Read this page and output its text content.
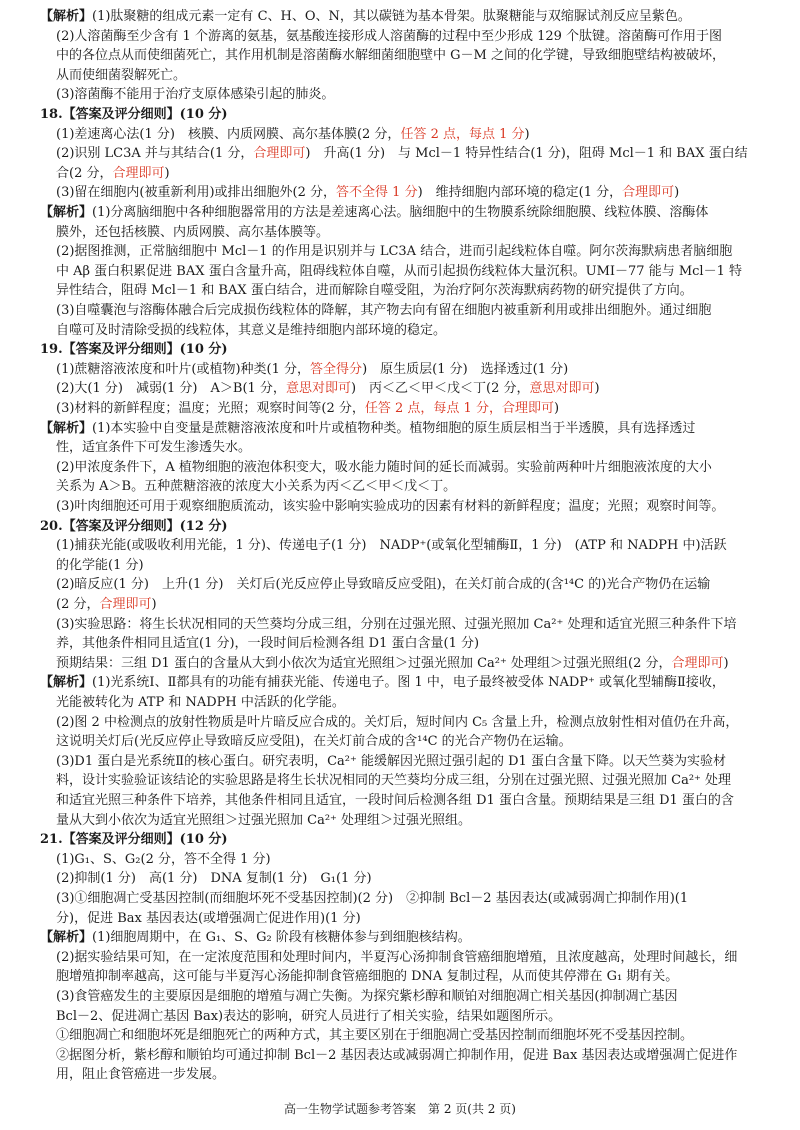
【解析】(1)肽聚糖的组成元素一定有 C、H、O、N，其以碳链为基本骨架。肽聚糖能与双缩脲试剂反应呈紫色。
(2)人溶菌酶至少含有 1 个游离的氨基，氨基酸连接形成人溶菌酶的过程中至少形成 129 个肽键。溶菌酶可作用于图
中的各位点从而使细菌死亡，其作用机制是溶菌酶水解细菌细胞壁中 G－M 之间的化学键，导致细胞壁结构被破坏，
从而使细菌裂解死亡。
(3)溶菌酶不能用于治疗支原体感染引起的肺炎。
18.【答案及评分细则】(10 分)
(1)差速离心法(1 分)　核膜、内质网膜、高尔基体膜(2 分，任答 2 点，每点 1 分)
(2)识别 LC3A 并与其结合(1 分，合理即可)　升高(1 分)　与 Mcl－1 特异性结合(1 分)，阻碍 Mcl－1 和 BAX 蛋白结
合(2 分，合理即可)
(3)留在细胞内(被重新利用)或排出细胞外(2 分，答不全得 1 分)　维持细胞内部环境的稳定(1 分，合理即可)
【解析】(1)分离脑细胞中各种细胞器常用的方法是差速离心法。脑细胞中的生物膜系统除细胞膜、线粒体膜、溶酶体
膜外，还包括核膜、内质网膜、高尔基体膜等。
(2)据图推测，正常脑细胞中 Mcl－1 的作用是识别并与 LC3A 结合，进而引起线粒体自噬。阿尔茨海默病患者脑细胞
中 Aβ 蛋白积累促进 BAX 蛋白含量升高，阻碍线粒体自噬，从而引起损伤线粒体大量沉积。UMI－77 能与 Mcl－1 特
异性结合，阻碍 Mcl－1 和 BAX 蛋白结合，进而解除自噬受阻，为治疗阿尔茨海默病药物的研究提供了方向。
(3)自噬囊泡与溶酶体融合后完成损伤线粒体的降解，其产物去向有留在细胞内被重新利用或排出细胞外。通过细胞
自噬可及时清除受损的线粒体，其意义是维持细胞内部环境的稳定。
19.【答案及评分细则】(10 分)
(1)蔗糖溶液浓度和叶片(或植物)种类(1 分，答全得分)　原生质层(1 分)　选择透过(1 分)
(2)大(1 分)　减弱(1 分)　A＞B(1 分，意思对即可)　丙＜乙＜甲＜戊＜丁(2 分，意思对即可)
(3)材料的新鲜程度；温度；光照；观察时间等(2 分，任答 2 点，每点 1 分，合理即可)
【解析】(1)本实验中自变量是蔗糖溶液浓度和叶片或植物种类。植物细胞的原生质层相当于半透膜，具有选择透过
性，适宜条件下可发生渗透失水。
(2)甲浓度条件下，A 植物细胞的液泡体积变大，吸水能力随时间的延长而减弱。实验前两种叶片细胞液浓度的大小
关系为 A＞B。五种蔗糖溶液的浓度大小关系为丙＜乙＜甲＜戊＜丁。
(3)叶肉细胞还可用于观察细胞质流动，该实验中影响实验成功的因素有材料的新鲜程度；温度；光照；观察时间等。
20.【答案及评分细则】(12 分)
(1)捕获光能(或吸收利用光能，1 分)、传递电子(1 分)　NADP⁺(或氧化型辅酶Ⅱ，1 分)　(ATP 和 NADPH 中)活跃
的化学能(1 分)
(2)暗反应(1 分)　上升(1 分)　关灯后(光反应停止导致暗反应受阻)，在关灯前合成的(含¹⁴C 的)光合产物仍在运输
(2 分，合理即可)
(3)实验思路：将生长状况相同的天竺葵均分成三组，分别在过强光照、过强光照加 Ca²⁺ 处理和适宜光照三种条件下培
养，其他条件相同且适宜(1 分)，一段时间后检测各组 D1 蛋白含量(1 分)
预期结果：三组 D1 蛋白的含量从大到小依次为适宜光照组＞过强光照加 Ca²⁺ 处理组＞过强光照组(2 分，合理即可)
【解析】(1)光系统Ⅰ、Ⅱ都具有的功能有捕获光能、传递电子。图 1 中，电子最终被受体 NADP⁺ 或氧化型辅酶Ⅱ接收，
光能被转化为 ATP 和 NADPH 中活跃的化学能。
(2)图 2 中检测点的放射性物质是叶片暗反应合成的。关灯后，短时间内 C₅ 含量上升，检测点放射性相对值仍在升高，
这说明关灯后(光反应停止导致暗反应受阻)，在关灯前合成的含¹⁴C 的光合产物仍在运输。
(3)D1 蛋白是光系统Ⅱ的核心蛋白。研究表明，Ca²⁺ 能缓解因光照过强引起的 D1 蛋白含量下降。以天竺葵为实验材
料，设计实验验证该结论的实验思路是将生长状况相同的天竺葵均分成三组，分别在过强光照、过强光照加 Ca²⁺ 处理
和适宜光照三种条件下培养，其他条件相同且适宜，一段时间后检测各组 D1 蛋白含量。预期结果是三组 D1 蛋白的含
量从大到小依次为适宜光照组＞过强光照加 Ca²⁺ 处理组＞过强光照组。
21.【答案及评分细则】(10 分)
(1)G₁、S、G₂(2 分，答不全得 1 分)
(2)抑制(1 分)　高(1 分)　DNA 复制(1 分)　G₁(1 分)
(3)①细胞凋亡受基因控制(而细胞坏死不受基因控制)(2 分)　②抑制 Bcl－2 基因表达(或减弱凋亡抑制作用)(1
分)，促进 Bax 基因表达(或增强凋亡促进作用)(1 分)
【解析】(1)细胞周期中，在 G₁、S、G₂ 阶段有核糖体参与到细胞核结构。
(2)据实验结果可知，在一定浓度范围和处理时间内，半夏泻心汤抑制食管癌细胞增殖，且浓度越高，处理时间越长，细
胞增殖抑制率越高，这可能与半夏泻心汤能抑制食管癌细胞的 DNA 复制过程，从而使其停滞在 G₁ 期有关。
(3)食管癌发生的主要原因是细胞的增殖与凋亡失衡。为探究紫杉醇和顺铂对细胞凋亡相关基因(抑制凋亡基因
Bcl－2、促进凋亡基因 Bax)表达的影响，研究人员进行了相关实验，结果如题图所示。
①细胞凋亡和细胞坏死是细胞死亡的两种方式，其主要区别在于细胞凋亡受基因控制而细胞坏死不受基因控制。
②据图分析，紫杉醇和顺铂均可通过抑制 Bcl－2 基因表达或减弱凋亡抑制作用，促进 Bax 基因表达或增强凋亡促进作
用，阻止食管癌进一步发展。
高一生物学试题参考答案　第 2 页(共 2 页)
